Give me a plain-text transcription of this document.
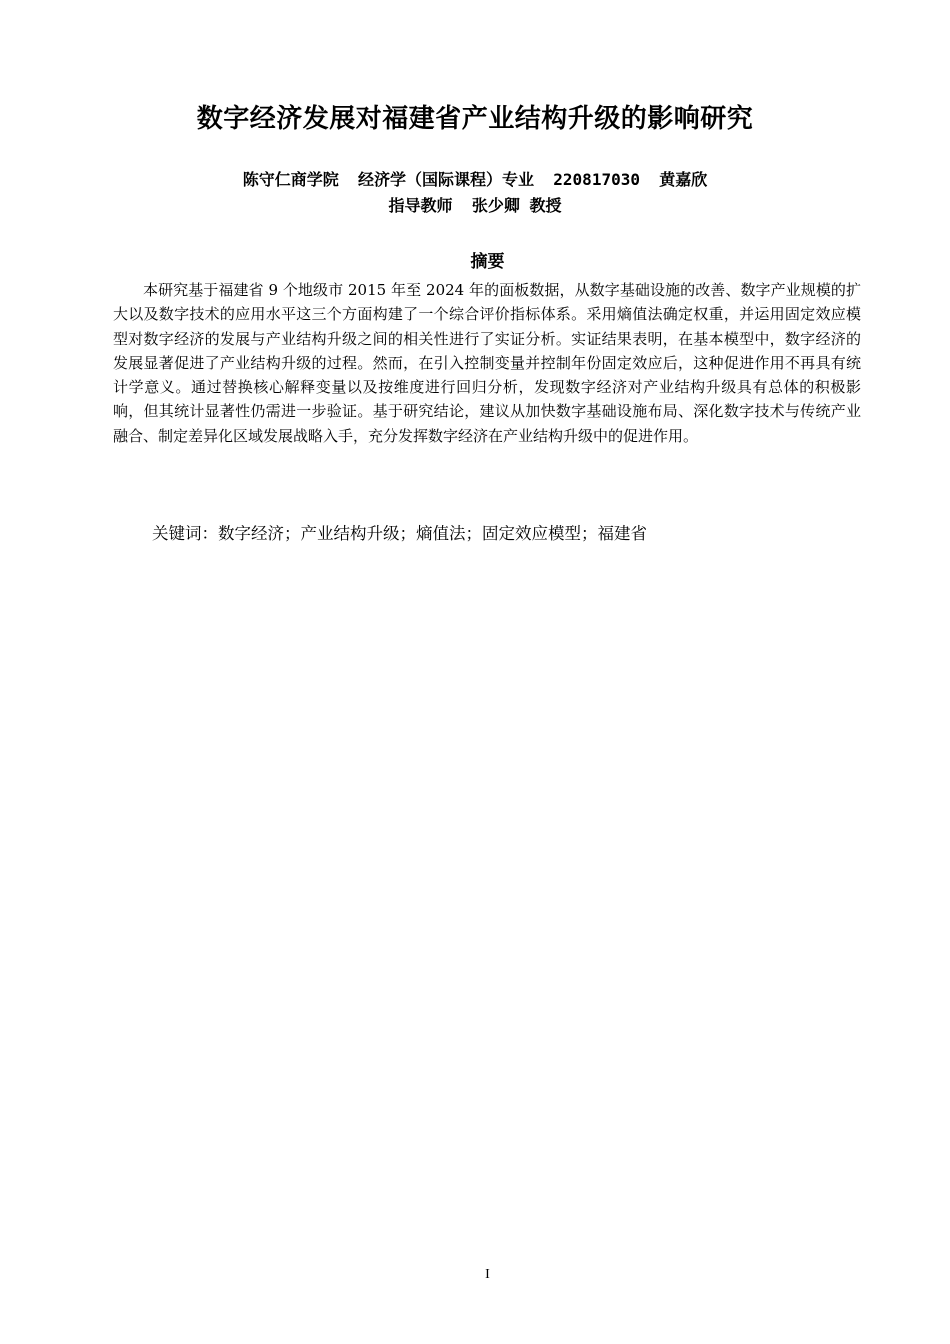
数字经济发展对福建省产业结构升级的影响研究
陈守仁商学院  经济学（国际课程）专业  220817030  黄嘉欣
指导教师  张少卿 教授
摘要

本研究基于福建省 9 个地级市 2015 年至 2024 年的面板数据，从数字基础设施的改善、数字产业规模的扩大以及数字技术的应用水平这三个方面构建了一个综合评价指标体系。采用熵值法确定权重，并运用固定效应模型对数字经济的发展与产业结构升级之间的相关性进行了实证分析。实证结果表明，在基本模型中，数字经济的发展显著促进了产业结构升级的过程。然而，在引入控制变量并控制年份固定效应后，这种促进作用不再具有统计学意义。通过替换核心解释变量以及按维度进行回归分析，发现数字经济对产业结构升级具有总体的积极影响，但其统计显著性仍需进一步验证。基于研究结论，建议从加快数字基础设施布局、深化数字技术与传统产业融合、制定差异化区域发展战略入手，充分发挥数字经济在产业结构升级中的促进作用。

关键词：数字经济；产业结构升级；熵值法；固定效应模型；福建省
I
